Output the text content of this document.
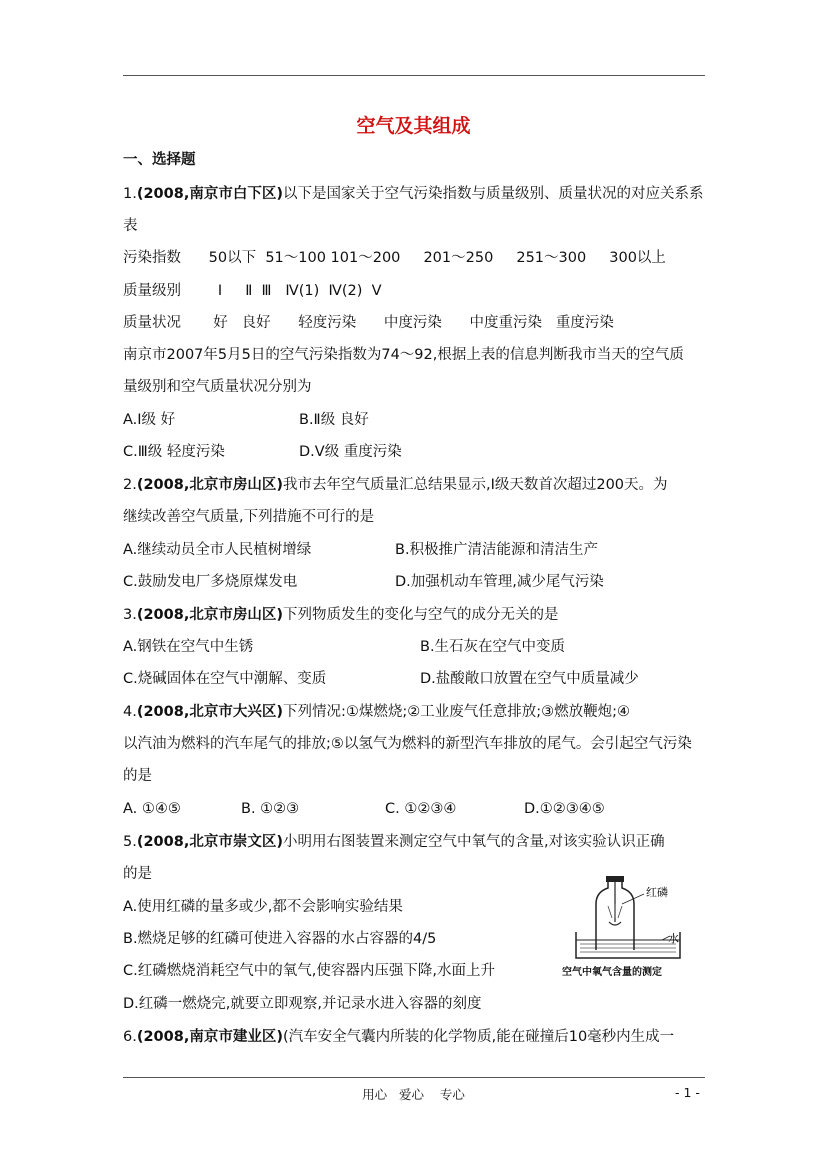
空气及其组成
一、选择题
1.(2008,南京市白下区)以下是国家关于空气污染指数与质量级别、质量状况的对应关系系
表
污染指数      50以下  51～100 101～200     201～250     251～300     300以上
质量级别        Ⅰ     Ⅱ  Ⅲ   Ⅳ(1)  Ⅳ(2)  Ⅴ
质量状况       好   良好      轻度污染      中度污染      中度重污染   重度污染
南京市2007年5月5日的空气污染指数为74～92,根据上表的信息判断我市当天的空气质
量级别和空气质量状况分别为
A.Ⅰ级 好	B.Ⅱ级 良好
C.Ⅲ级 轻度污染	D.Ⅴ级 重度污染
2.(2008,北京市房山区)我市去年空气质量汇总结果显示,Ⅰ级天数首次超过200天。为
继续改善空气质量,下列措施不可行的是
A.继续动员全市人民植树增绿	B.积极推广清洁能源和清洁生产
C.鼓励发电厂多烧原煤发电	D.加强机动车管理,减少尾气污染
3.(2008,北京市房山区)下列物质发生的变化与空气的成分无关的是
A.钢铁在空气中生锈	B.生石灰在空气中变质
C.烧碱固体在空气中潮解、变质	D.盐酸敞口放置在空气中质量减少
4.(2008,北京市大兴区)下列情况:①煤燃烧;②工业废气任意排放;③燃放鞭炮;④
以汽油为燃料的汽车尾气的排放;⑤以氢气为燃料的新型汽车排放的尾气。会引起空气污染
的是
A. ①④⑤	B. ①②③	C. ①②③④	D.①②③④⑤
5.(2008,北京市崇文区)小明用右图装置来测定空气中氧气的含量,对该实验认识正确
的是
A.使用红磷的量多或少,都不会影响实验结果
B.燃烧足够的红磷可使进入容器的水占容器的4/5
C.红磷燃烧消耗空气中的氧气,使容器内压强下降,水面上升
D.红磷一燃烧完,就要立即观察,并记录水进入容器的刻度
红磷
水
空气中氧气含量的测定
6.(2008,南京市建业区)(汽车安全气囊内所装的化学物质,能在碰撞后10毫秒内生成一
用心   爱心    专心	- 1 -
